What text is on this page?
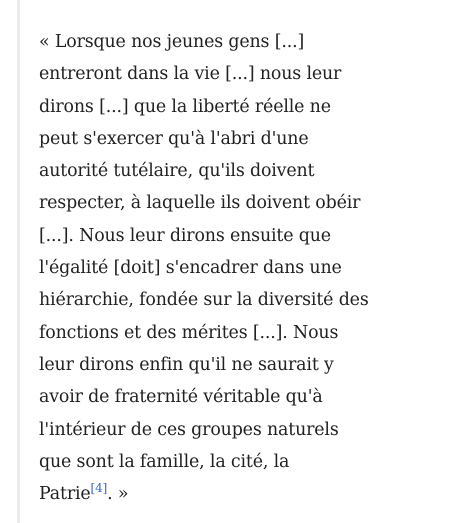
« Lorsque nos jeunes gens [...]
entreront dans la vie [...] nous leur
dirons [...] que la liberté réelle ne
peut s'exercer qu'à l'abri d'une
autorité tutélaire, qu'ils doivent
respecter, à laquelle ils doivent obéir
[...]. Nous leur dirons ensuite que
l'égalité [doit] s'encadrer dans une
hiérarchie, fondée sur la diversité des
fonctions et des mérites [...]. Nous
leur dirons enfin qu'il ne saurait y
avoir de fraternité véritable qu'à
l'intérieur de ces groupes naturels
que sont la famille, la cité, la
Patrie[4]. »
